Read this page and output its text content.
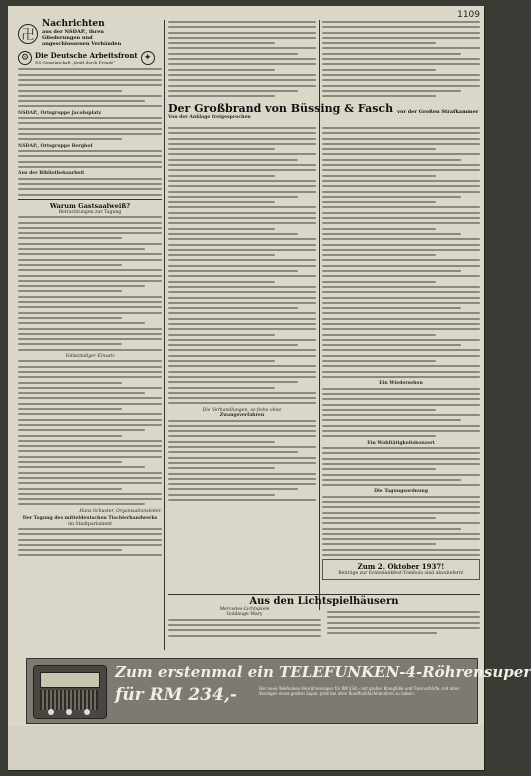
1109
卍
Nachrichten
aus der NSDAP., ihren
Gliederungen und
angeschlossenen Verbänden
⚙ Die Deutsche Arbeitsfront
NS-Gemeinschaft „Kraft durch Freude“	✦
NSDAP., Ortsgruppe Jacobsplatz
NSDAP., Ortsgruppe Berghof
Aus der Bibliotheksarbeit
Warum Gastsaalweiß?
Betrachtungen zur Tagung
Vollständiger Einsatz
Hans Schuster, Organisationsleiter.
Der Tagung des mitteldeutschen Tischlerhandwerks
im Stadtparlament
Der Großbrand von Büssing & Fasch vor der Großen Strafkammer
Von der Anklage freigesprochen
Die Verhandlungen, so feine ohne
Zwangsverfahren
Ein Wiedersehen
Ein Wohltätigkeitskonzert
Die Tagungsordnung
Zum 2. Oktober 1937!
Beiträge zur Erntedankfest-Tombola sind abzuliefern!
Aus den Lichtspielhäusern
Mercedes-Lichtspiele
Goldauge Mary
Zum erstenmal ein TELEFUNKEN-4-Röhrensuper
für RM 234,-	Der neue Telefunken-Vierröhrensuper für RM 234,– mit großer Klangfülle und Trennschärfe, mit allen Vorzügen eines großen Super. Jetzt bei allen Rundfunkfachhändlern zu haben.
